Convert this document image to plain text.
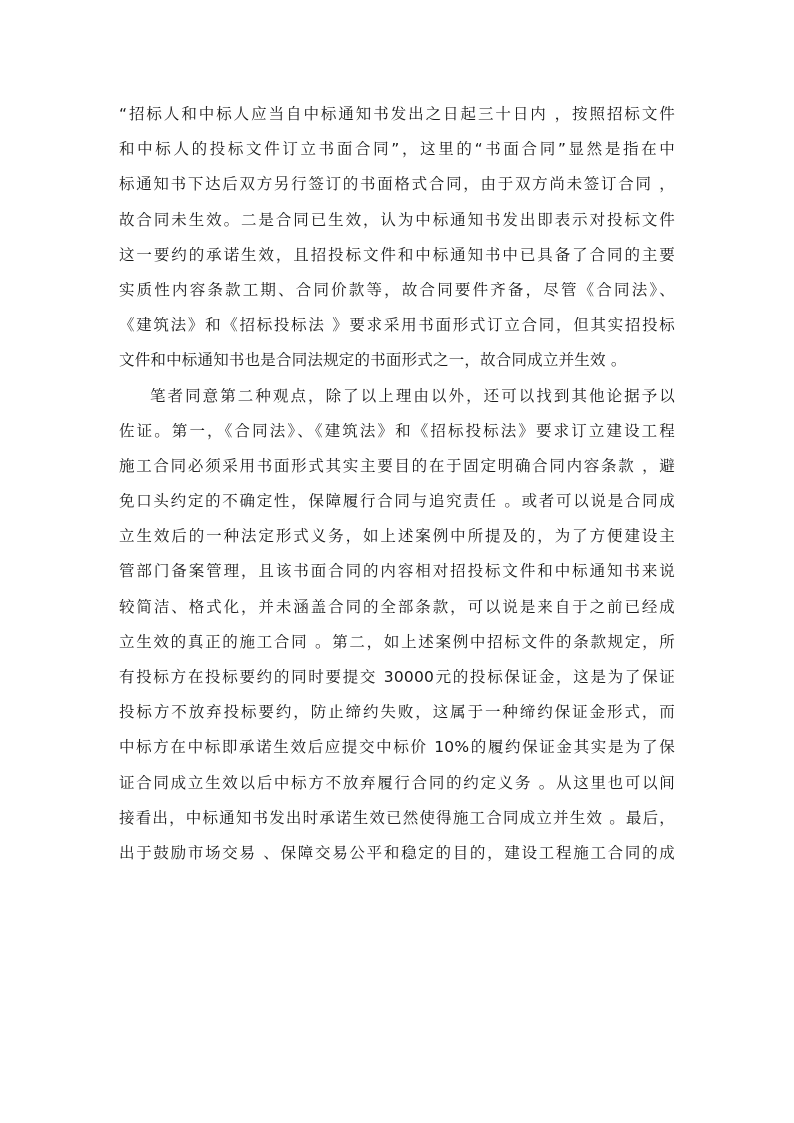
“招标人和中标人应当自中标通知书发出之日起三十日内 ，按照招标文件
和中标人的投标文件订立书面合同”，这里的“书面合同”显然是指在中
标通知书下达后双方另行签订的书面格式合同，由于双方尚未签订合同 ，
故合同未生效。二是合同已生效，认为中标通知书发出即表示对投标文件
这一要约的承诺生效，且招投标文件和中标通知书中已具备了合同的主要
实质性内容条款工期、合同价款等，故合同要件齐备，尽管《合同法》、
《建筑法》和《招标投标法 》要求采用书面形式订立合同，但其实招投标
文件和中标通知书也是合同法规定的书面形式之一，故合同成立并生效 。
笔者同意第二种观点，除了以上理由以外，还可以找到其他论据予以
佐证。第一，《合同法》、《建筑法》和《招标投标法》要求订立建设工程
施工合同必须采用书面形式其实主要目的在于固定明确合同内容条款 ，避
免口头约定的不确定性，保障履行合同与追究责任 。或者可以说是合同成
立生效后的一种法定形式义务，如上述案例中所提及的，为了方便建设主
管部门备案管理，且该书面合同的内容相对招投标文件和中标通知书来说
较简洁、格式化，并未涵盖合同的全部条款，可以说是来自于之前已经成
立生效的真正的施工合同 。第二，如上述案例中招标文件的条款规定，所
有投标方在投标要约的同时要提交 30000元的投标保证金，这是为了保证
投标方不放弃投标要约，防止缔约失败，这属于一种缔约保证金形式，而
中标方在中标即承诺生效后应提交中标价 10%的履约保证金其实是为了保
证合同成立生效以后中标方不放弃履行合同的约定义务 。从这里也可以间
接看出，中标通知书发出时承诺生效已然使得施工合同成立并生效 。最后，
出于鼓励市场交易 、保障交易公平和稳定的目的，建设工程施工合同的成
